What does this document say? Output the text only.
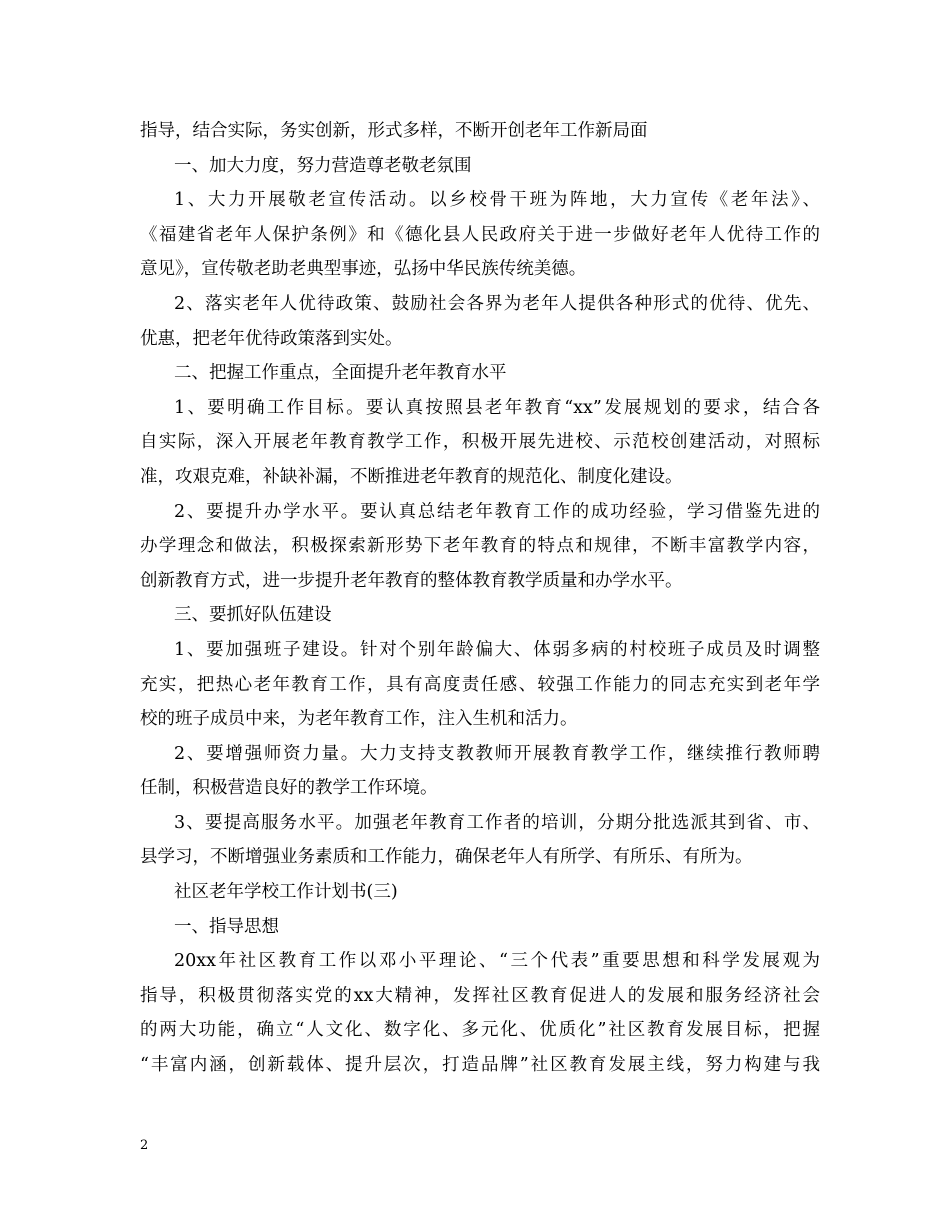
指导，结合实际，务实创新，形式多样，不断开创老年工作新局面
一、加大力度，努力营造尊老敬老氛围
1、大力开展敬老宣传活动。以乡校骨干班为阵地，大力宣传《老年法》、
《福建省老年人保护条例》和《德化县人民政府关于进一步做好老年人优待工作的
意见》，宣传敬老助老典型事迹，弘扬中华民族传统美德。
2、落实老年人优待政策、鼓励社会各界为老年人提供各种形式的优待、优先、
优惠，把老年优待政策落到实处。
二、把握工作重点，全面提升老年教育水平
1、要明确工作目标。要认真按照县老年教育“xx”发展规划的要求，结合各
自实际，深入开展老年教育教学工作，积极开展先进校、示范校创建活动，对照标
准，攻艰克难，补缺补漏，不断推进老年教育的规范化、制度化建设。
2、要提升办学水平。要认真总结老年教育工作的成功经验，学习借鉴先进的
办学理念和做法，积极探索新形势下老年教育的特点和规律，不断丰富教学内容，
创新教育方式，进一步提升老年教育的整体教育教学质量和办学水平。
三、要抓好队伍建设
1、要加强班子建设。针对个别年龄偏大、体弱多病的村校班子成员及时调整
充实，把热心老年教育工作，具有高度责任感、较强工作能力的同志充实到老年学
校的班子成员中来，为老年教育工作，注入生机和活力。
2、要增强师资力量。大力支持支教教师开展教育教学工作，继续推行教师聘
任制，积极营造良好的教学工作环境。
3、要提高服务水平。加强老年教育工作者的培训，分期分批选派其到省、市、
县学习，不断增强业务素质和工作能力，确保老年人有所学、有所乐、有所为。
社区老年学校工作计划书(三)
一、指导思想
20xx年社区教育工作以邓小平理论、“三个代表”重要思想和科学发展观为
指导，积极贯彻落实党的xx大精神，发挥社区教育促进人的发展和服务经济社会
的两大功能，确立“人文化、数字化、多元化、优质化”社区教育发展目标，把握
“丰富内涵，创新载体、提升层次，打造品牌”社区教育发展主线，努力构建与我
2
